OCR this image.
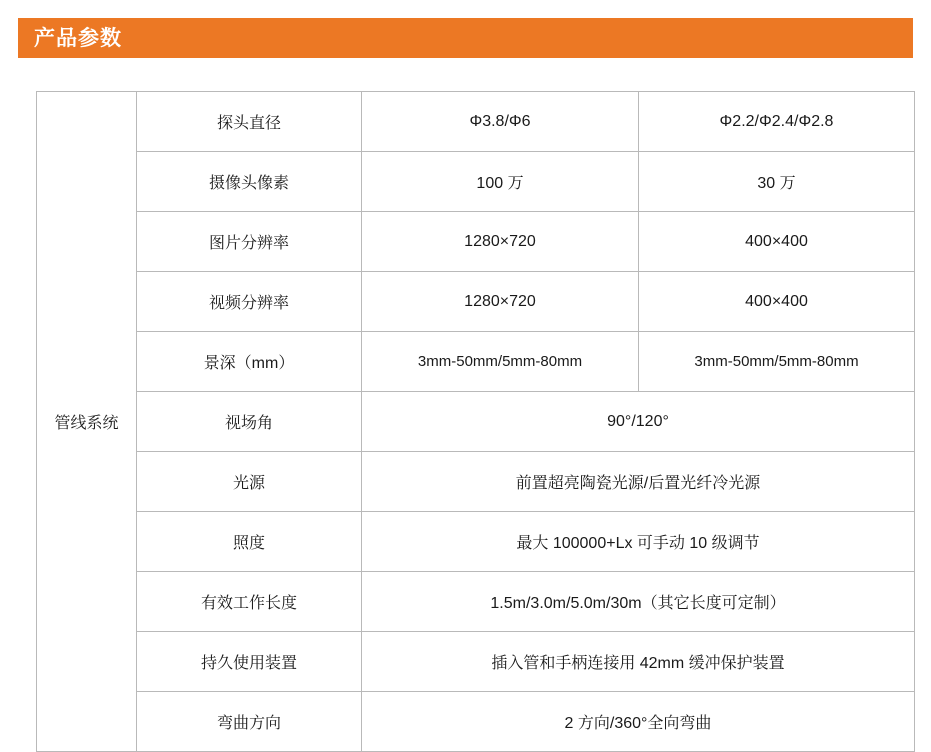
产品参数
管线系统	探头直径	Φ3.8/Φ6	Φ2.2/Φ2.4/Φ2.8
	摄像头像素	100 万	30 万
	图片分辨率	1280×720	400×400
	视频分辨率	1280×720	400×400
	景深（mm）	3mm-50mm/5mm-80mm	3mm-50mm/5mm-80mm
	视场角	90°/120°	
	光源	前置超亮陶瓷光源/后置光纤冷光源	
	照度	最大 100000+Lx 可手动 10 级调节	
	有效工作长度	1.5m/3.0m/5.0m/30m（其它长度可定制）	
	持久使用装置	插入管和手柄连接用 42mm 缓冲保护装置	
	弯曲方向	2 方向/360°全向弯曲	
